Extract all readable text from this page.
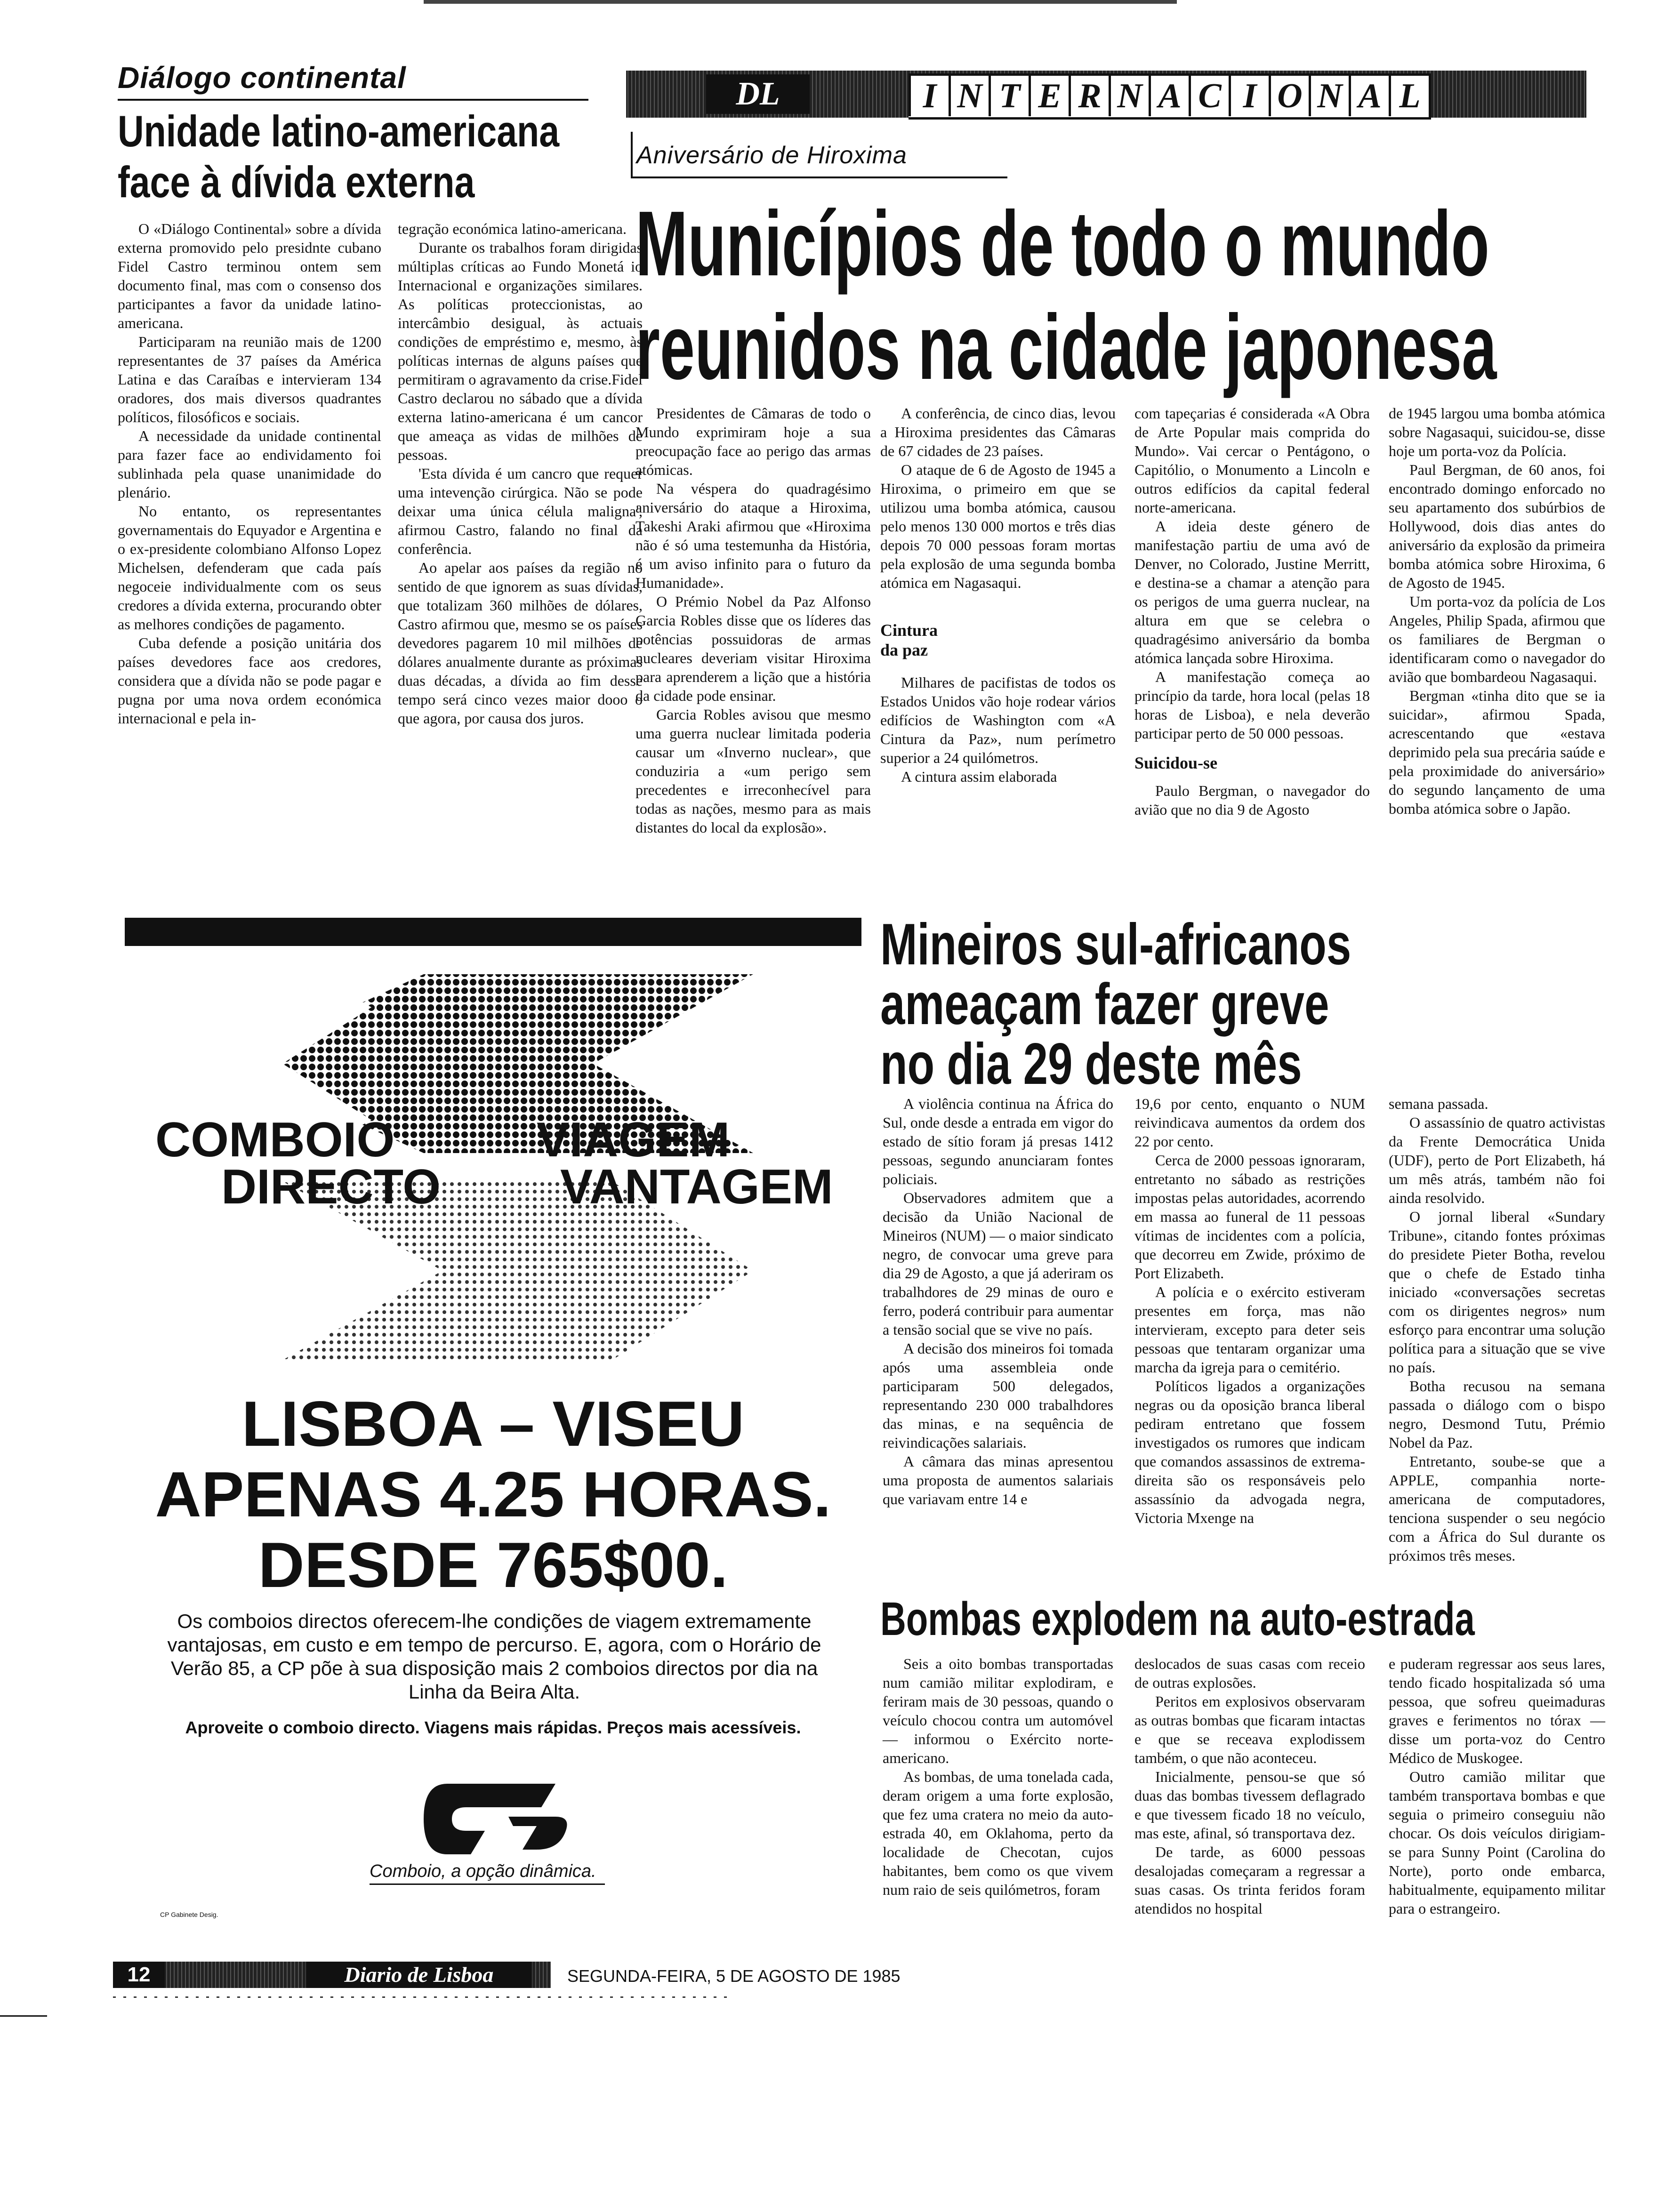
DL	I N T E R N A C I O N A L
Diálogo continental
Unidade latino-americana
face à dívida externa

O «Diálogo Continental» sobre a dívida externa promovido pelo presidnte cubano Fidel Castro terminou ontem sem documento final, mas com o consenso dos participantes a favor da unidade latino-americana.

Participaram na reunião mais de 1200 representantes de 37 países da América Latina e das Caraíbas e intervieram 134 oradores, dos mais diversos quadrantes políticos, filosóficos e sociais.

A necessidade da unidade continental para fazer face ao endividamento foi sublinhada pela quase unanimidade do plenário.

No entanto, os representantes governamentais do Equyador e Argentina e o ex-presidente colombiano Alfonso Lopez Michelsen, defenderam que cada país negoceie individualmente com os seus credores a dívida externa, procurando obter as melhores condições de pagamento.

Cuba defende a posição unitária dos países devedores face aos credores, considera que a dívida não se pode pagar e pugna por uma nova ordem económica internacional e pela in-

tegração económica latino-americana.

Durante os trabalhos foram dirigidas múltiplas críticas ao Fundo Monetá io Internacional e organizações similares. As políticas proteccionistas, ao intercâmbio desigual, às actuais condições de empréstimo e, mesmo, às políticas internas de alguns países que permitiram o agravamento da crise.Fidel Castro declarou no sábado que a dívida externa latino-americana é um cancor que ameaça as vidas de milhões de pessoas.

'Esta dívida é um cancro que requer uma intevenção cirúrgica. Não se pode deixar uma única célula maligna', afirmou Castro, falando no final da conferência.

Ao apelar aos países da região no sentido de que ignorem as suas dívidas, que totalizam 360 milhões de dólares, Castro afirmou que, mesmo se os países devedores pagarem 10 mil milhões de dólares anualmente durante as próximas duas décadas, a dívida ao fim desse tempo será cinco vezes maior dooo o que agora, por causa dos juros.

Aniversário de Hiroxima
Municípios de todo o mundo
reunidos na cidade japonesa

Presidentes de Câmaras de todo o Mundo exprimiram hoje a sua preocupação face ao perigo das armas atómicas.

Na véspera do quadragésimo aniversário do ataque a Hiroxima, Takeshi Araki afirmou que «Hiroxima não é só uma testemunha da História, é um aviso infinito para o futuro da Humanidade».

O Prémio Nobel da Paz Alfonso Garcia Robles disse que os líderes das potências possuidoras de armas nucleares deveriam visitar Hiroxima para aprenderem a lição que a história da cidade pode ensinar.

Garcia Robles avisou que mesmo uma guerra nuclear limitada poderia causar um «Inverno nuclear», que conduziria a «um perigo sem precedentes e irreconhecível para todas as nações, mesmo para as mais distantes do local da explosão».

A conferência, de cinco dias, levou a Hiroxima presidentes das Câmaras de 67 cidades de 23 países.

O ataque de 6 de Agosto de 1945 a Hiroxima, o primeiro em que se utilizou uma bomba atómica, causou pelo menos 130 000 mortos e três dias depois 70 000 pessoas foram mortas pela explosão de uma segunda bomba atómica em Nagasaqui.

Cintura da paz

Milhares de pacifistas de todos os Estados Unidos vão hoje rodear vários edifícios de Washington com «A Cintura da Paz», num perímetro superior a 24 quilómetros.

A cintura assim elaborada

com tapeçarias é considerada «A Obra de Arte Popular mais comprida do Mundo». Vai cercar o Pentágono, o Capitólio, o Monumento a Lincoln e outros edifícios da capital federal norte-americana.

A ideia deste género de manifestação partiu de uma avó de Denver, no Colorado, Justine Merritt, e destina-se a chamar a atenção para os perigos de uma guerra nuclear, na altura em que se celebra o quadragésimo aniversário da bomba atómica lançada sobre Hiroxima.

A manifestação começa ao princípio da tarde, hora local (pelas 18 horas de Lisboa), e nela deverão participar perto de 50 000 pessoas.

Suicidou-se

Paulo Bergman, o navegador do avião que no dia 9 de Agosto

de 1945 largou uma bomba atómica sobre Nagasaqui, suicidou-se, disse hoje um porta-voz da Polícia.

Paul Bergman, de 60 anos, foi encontrado domingo enforcado no seu apartamento dos subúrbios de Hollywood, dois dias antes do aniversário da explosão da primeira bomba atómica sobre Hiroxima, 6 de Agosto de 1945.

Um porta-voz da polícia de Los Angeles, Philip Spada, afirmou que os familiares de Bergman o identificaram como o navegador do avião que bombardeou Nagasaqui.

Bergman «tinha dito que se ia suicidar», afirmou Spada, acrescentando que «estava deprimido pela sua precária saúde e pela proximidade do aniversário» do segundo lançamento de uma bomba atómica sobre o Japão.

COMBOIO
DIRECTO
VIAGEM
VANTAGEM
LISBOA – VISEU
APENAS 4.25 HORAS.
DESDE 765$00.
Os comboios directos oferecem-lhe condições de viagem extremamente vantajosas, em custo e em tempo de percurso. E, agora, com o Horário de Verão 85, a CP põe à sua disposição mais 2 comboios directos por dia na Linha da Beira Alta.
Aproveite o comboio directo. Viagens mais rápidas. Preços mais acessíveis.
Comboio, a opção dinâmica.
CP Gabinete Desig.
Mineiros sul-africanos
ameaçam fazer greve
no dia 29 deste mês

A violência continua na África do Sul, onde desde a entrada em vigor do estado de sítio foram já presas 1412 pessoas, segundo anunciaram fontes policiais.

Observadores admitem que a decisão da União Nacional de Mineiros (NUM) — o maior sindicato negro, de convocar uma greve para dia 29 de Agosto, a que já aderiram os trabalhdores de 29 minas de ouro e ferro, poderá contribuir para aumentar a tensão social que se vive no país.

A decisão dos mineiros foi tomada após uma assembleia onde participaram 500 delegados, representando 230 000 trabalhdores das minas, e na sequência de reivindicações salariais.

A câmara das minas apresentou uma proposta de aumentos salariais que variavam entre 14 e

19,6 por cento, enquanto o NUM reivindicava aumentos da ordem dos 22 por cento.

Cerca de 2000 pessoas ignoraram, entretanto no sábado as restrições impostas pelas autoridades, acorrendo em massa ao funeral de 11 pessoas vítimas de incidentes com a polícia, que decorreu em Zwide, próximo de Port Elizabeth.

A polícia e o exército estiveram presentes em força, mas não intervieram, excepto para deter seis pessoas que tentaram organizar uma marcha da igreja para o cemitério.

Políticos ligados a organizações negras ou da oposição branca liberal pediram entretano que fossem investigados os rumores que indicam que comandos assassinos de extrema-direita são os responsáveis pelo assassínio da advogada negra, Victoria Mxenge na

semana passada.

O assassínio de quatro activistas da Frente Democrática Unida (UDF), perto de Port Elizabeth, há um mês atrás, também não foi ainda resolvido.

O jornal liberal «Sundary Tribune», citando fontes próximas do presidete Pieter Botha, revelou que o chefe de Estado tinha iniciado «conversações secretas com os dirigentes negros» num esforço para encontrar uma solução política para a situação que se vive no país.

Botha recusou na semana passada o diálogo com o bispo negro, Desmond Tutu, Prémio Nobel da Paz.

Entretanto, soube-se que a APPLE, companhia norte-americana de computadores, tenciona suspender o seu negócio com a África do Sul durante os próximos três meses.

Bombas explodem na auto-estrada

Seis a oito bombas transportadas num camião militar explodiram, e feriram mais de 30 pessoas, quando o veículo chocou contra um automóvel — informou o Exército norte-americano.

As bombas, de uma tonelada cada, deram origem a uma forte explosão, que fez uma cratera no meio da auto-estrada 40, em Oklahoma, perto da localidade de Checotan, cujos habitantes, bem como os que vivem num raio de seis quilómetros, foram

deslocados de suas casas com receio de outras explosões.

Peritos em explosivos observaram as outras bombas que ficaram intactas e que se receava explodissem também, o que não aconteceu.

Inicialmente, pensou-se que só duas das bombas tivessem deflagrado e que tivessem ficado 18 no veículo, mas este, afinal, só transportava dez.

De tarde, as 6000 pessoas desalojadas começaram a regressar a suas casas. Os trinta feridos foram atendidos no hospital

e puderam regressar aos seus lares, tendo ficado hospitalizada só uma pessoa, que sofreu queimaduras graves e ferimentos no tórax — disse um porta-voz do Centro Médico de Muskogee.

Outro camião militar que também transportava bombas e que seguia o primeiro conseguiu não chocar. Os dois veículos dirigiam-se para Sunny Point (Carolina do Norte), porto onde embarca, habitualmente, equipamento militar para o estrangeiro.

12	Diario de Lisboa	SEGUNDA-FEIRA, 5 DE AGOSTO DE 1985
